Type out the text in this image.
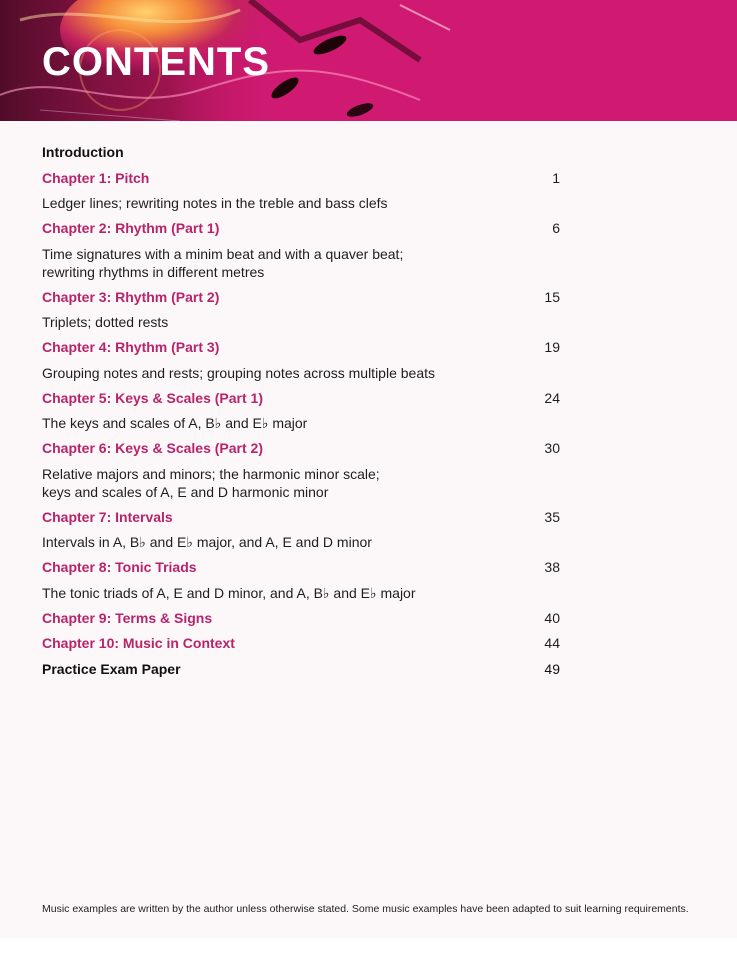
CONTENTS
Introduction
Chapter 1: Pitch	1
Ledger lines; rewriting notes in the treble and bass clefs
Chapter 2: Rhythm (Part 1)	6
Time signatures with a minim beat and with a quaver beat;
rewriting rhythms in different metres
Chapter 3: Rhythm (Part 2)	15
Triplets; dotted rests
Chapter 4: Rhythm (Part 3)	19
Grouping notes and rests; grouping notes across multiple beats
Chapter 5: Keys & Scales (Part 1)	24
The keys and scales of A, B♭ and E♭ major
Chapter 6: Keys & Scales (Part 2)	30
Relative majors and minors; the harmonic minor scale;
keys and scales of A, E and D harmonic minor
Chapter 7: Intervals	35
Intervals in A, B♭ and E♭ major, and A, E and D minor
Chapter 8: Tonic Triads	38
The tonic triads of A, E and D minor, and A, B♭ and E♭ major
Chapter 9: Terms & Signs	40
Chapter 10: Music in Context	44
Practice Exam Paper	49
Music examples are written by the author unless otherwise stated. Some music examples have been adapted to suit learning requirements.
